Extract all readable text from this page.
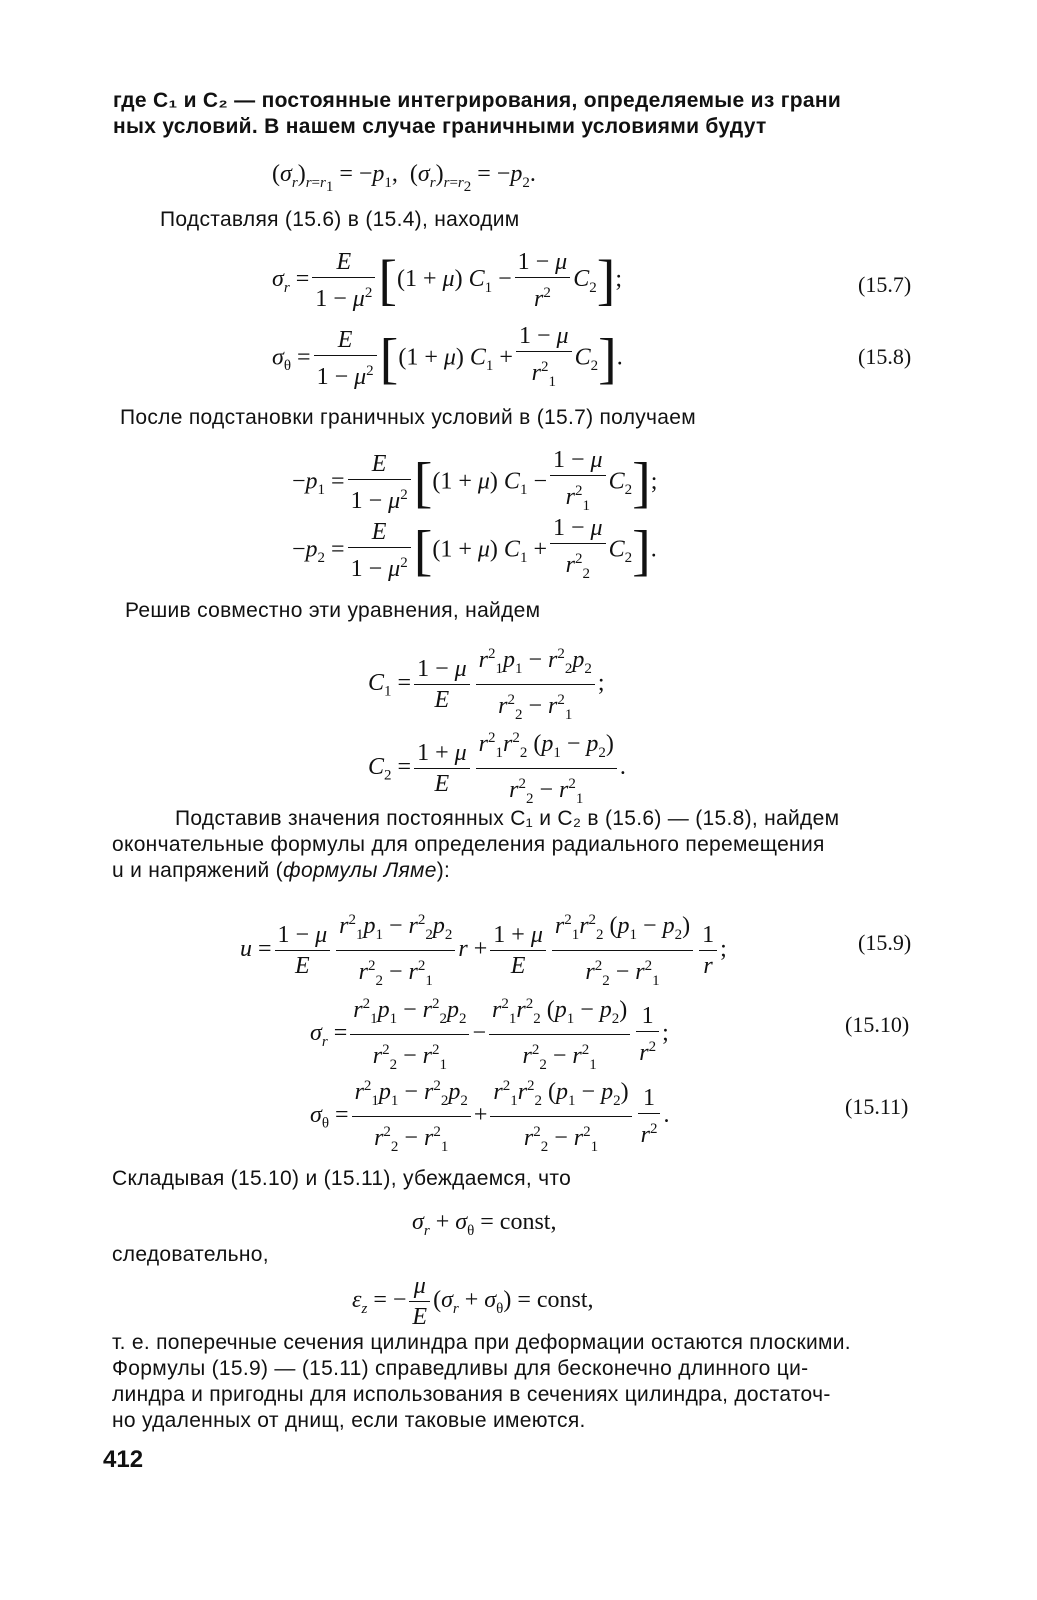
где C₁ и C₂ — постоянные интегрирования, определяемые из грани
ных условий. В нашем случае граничными условиями будут
$(\sigma_r)_{r=r_1} = -p_1$,  $(\sigma_r)_{r=r_2} = -p_2$.
Подставляя (15.6) в (15.4), находим
$\sigma_r = \frac{E}{1 - \mu^2} [(1 + \mu) C_1 - \frac{1 - \mu}{r^2} C_2]$;	(15.7)
$\sigma_\theta = \frac{E}{1 - \mu^2} [(1 + \mu) C_1 + \frac{1 - \mu}{r^2_1} C_2]$.	(15.8)
После подстановки граничных условий в (15.7) получаем
$-p_1 = \frac{E}{1 - \mu^2} [(1 + \mu) C_1 - \frac{1 - \mu}{r^2_1} C_2]$;
$-p_2 = \frac{E}{1 - \mu^2} [(1 + \mu) C_1 + \frac{1 - \mu}{r^2_2} C_2]$.
Решив совместно эти уравнения, найдем
$C_1 = \frac{1 - \mu}{E} \frac{r^2_1p_1 - r^2_2p_2}{r^2_2 - r^2_1}$ ;
$C_2 = \frac{1 + \mu}{E} \frac{r^2_1r^2_2 (p_1 - p_2)}{r^2_2 - r^2_1}$ .
Подставив значения постоянных C₁ и C₂ в (15.6) — (15.8), найдем
окончательные формулы для определения радиального перемещения
u и напряжений (формулы Ляме):
$u = \frac{1 - \mu}{E} \frac{r^2_1p_1 - r^2_2p_2}{r^2_2 - r^2_1}$ $r + \frac{1 + \mu}{E} \frac{r^2_1r^2_2 (p_1 - p_2)}{r^2_2 - r^2_1} \frac{1}{r}$ ;	(15.9)
$\sigma_r = \frac{r^2_1p_1 - r^2_2p_2}{r^2_2 - r^2_1} - \frac{r^2_1r^2_2 (p_1 - p_2)}{r^2_2 - r^2_1} \frac{1}{r^2}$ ;	(15.10)
$\sigma_\theta = \frac{r^2_1p_1 - r^2_2p_2}{r^2_2 - r^2_1} + \frac{r^2_1r^2_2 (p_1 - p_2)}{r^2_2 - r^2_1} \frac{1}{r^2}$ .	(15.11)
Складывая (15.10) и (15.11), убеждаемся, что
$\sigma_r + \sigma_\theta$ = const,
следовательно,
$\varepsilon_z$ = − $\frac{\mu}{E} (\sigma_r + \sigma_\theta)$ = const,
т. е. поперечные сечения цилиндра при деформации остаются плоскими.
Формулы (15.9) — (15.11) справедливы для бесконечно длинного ци-
линдра и пригодны для использования в сечениях цилиндра, достаточ-
но удаленных от днищ, если таковые имеются.
412
